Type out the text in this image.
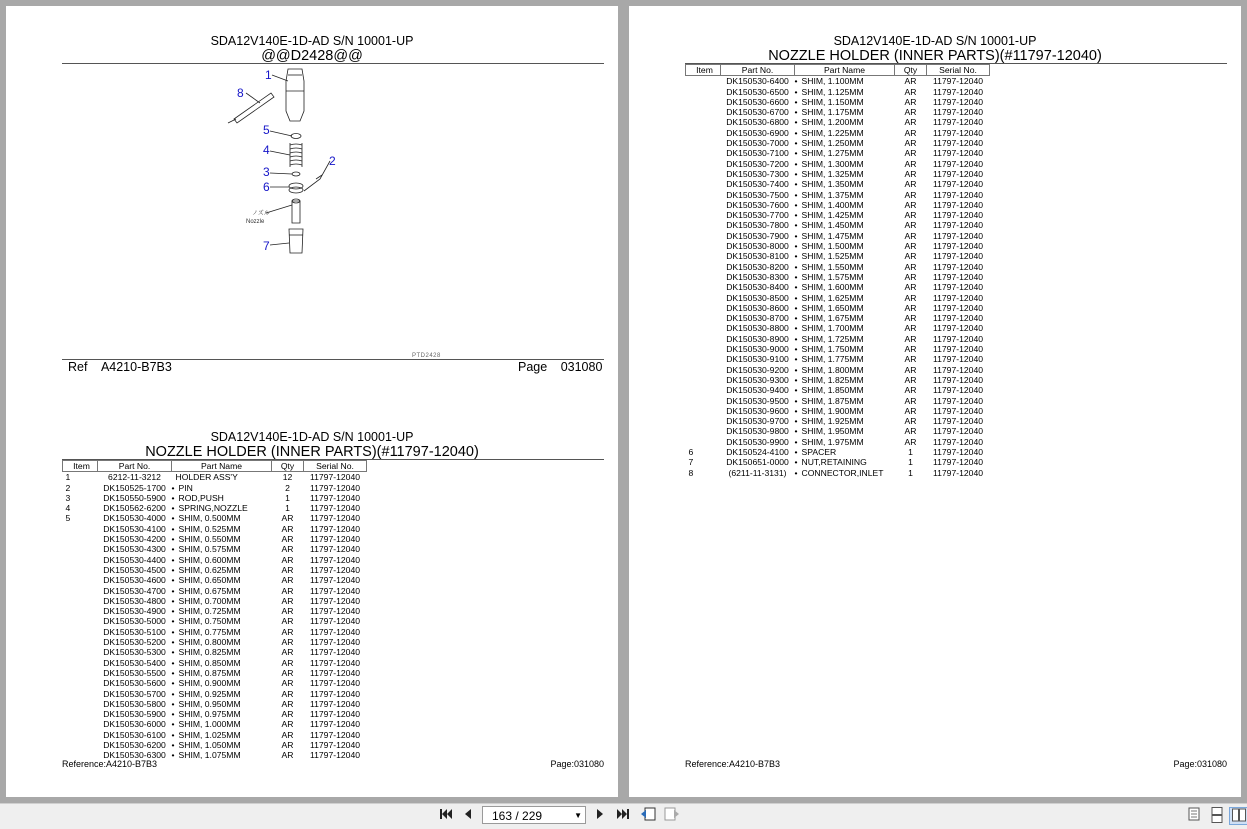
SDA12V140E-1D-AD S/N 10001-UP
@@D2428@@
1
8
5
4
3
6
2
7
ノズル
Nozzle
PTD2428
Ref A4210-B7B3	Page 031080
SDA12V140E-1D-AD S/N 10001-UP
NOZZLE HOLDER (INNER PARTS)(#11797-12040)
Item	Part No.	Part Name	Qty	Serial No.
1	6212-11-3212	HOLDER ASS'Y	12	11797-12040
2	DK150525-1700	• PIN	2	11797-12040
3	DK150550-5900	• ROD,PUSH	1	11797-12040
4	DK150562-6200	• SPRING,NOZZLE	1	11797-12040
5	DK150530-4000	• SHIM, 0.500MM	AR	11797-12040
	DK150530-4100	• SHIM, 0.525MM	AR	11797-12040
	DK150530-4200	• SHIM, 0.550MM	AR	11797-12040
	DK150530-4300	• SHIM, 0.575MM	AR	11797-12040
	DK150530-4400	• SHIM, 0.600MM	AR	11797-12040
	DK150530-4500	• SHIM, 0.625MM	AR	11797-12040
	DK150530-4600	• SHIM, 0.650MM	AR	11797-12040
	DK150530-4700	• SHIM, 0.675MM	AR	11797-12040
	DK150530-4800	• SHIM, 0.700MM	AR	11797-12040
	DK150530-4900	• SHIM, 0.725MM	AR	11797-12040
	DK150530-5000	• SHIM, 0.750MM	AR	11797-12040
	DK150530-5100	• SHIM, 0.775MM	AR	11797-12040
	DK150530-5200	• SHIM, 0.800MM	AR	11797-12040
	DK150530-5300	• SHIM, 0.825MM	AR	11797-12040
	DK150530-5400	• SHIM, 0.850MM	AR	11797-12040
	DK150530-5500	• SHIM, 0.875MM	AR	11797-12040
	DK150530-5600	• SHIM, 0.900MM	AR	11797-12040
	DK150530-5700	• SHIM, 0.925MM	AR	11797-12040
	DK150530-5800	• SHIM, 0.950MM	AR	11797-12040
	DK150530-5900	• SHIM, 0.975MM	AR	11797-12040
	DK150530-6000	• SHIM, 1.000MM	AR	11797-12040
	DK150530-6100	• SHIM, 1.025MM	AR	11797-12040
	DK150530-6200	• SHIM, 1.050MM	AR	11797-12040
	DK150530-6300	• SHIM, 1.075MM	AR	11797-12040
Reference:A4210-B7B3	Page:031080
SDA12V140E-1D-AD S/N 10001-UP
NOZZLE HOLDER (INNER PARTS)(#11797-12040)
Item	Part No.	Part Name	Qty	Serial No.
	DK150530-6400	• SHIM, 1.100MM	AR	11797-12040
	DK150530-6500	• SHIM, 1.125MM	AR	11797-12040
	DK150530-6600	• SHIM, 1.150MM	AR	11797-12040
	DK150530-6700	• SHIM, 1.175MM	AR	11797-12040
	DK150530-6800	• SHIM, 1.200MM	AR	11797-12040
	DK150530-6900	• SHIM, 1.225MM	AR	11797-12040
	DK150530-7000	• SHIM, 1.250MM	AR	11797-12040
	DK150530-7100	• SHIM, 1.275MM	AR	11797-12040
	DK150530-7200	• SHIM, 1.300MM	AR	11797-12040
	DK150530-7300	• SHIM, 1.325MM	AR	11797-12040
	DK150530-7400	• SHIM, 1.350MM	AR	11797-12040
	DK150530-7500	• SHIM, 1.375MM	AR	11797-12040
	DK150530-7600	• SHIM, 1.400MM	AR	11797-12040
	DK150530-7700	• SHIM, 1.425MM	AR	11797-12040
	DK150530-7800	• SHIM, 1.450MM	AR	11797-12040
	DK150530-7900	• SHIM, 1.475MM	AR	11797-12040
	DK150530-8000	• SHIM, 1.500MM	AR	11797-12040
	DK150530-8100	• SHIM, 1.525MM	AR	11797-12040
	DK150530-8200	• SHIM, 1.550MM	AR	11797-12040
	DK150530-8300	• SHIM, 1.575MM	AR	11797-12040
	DK150530-8400	• SHIM, 1.600MM	AR	11797-12040
	DK150530-8500	• SHIM, 1.625MM	AR	11797-12040
	DK150530-8600	• SHIM, 1.650MM	AR	11797-12040
	DK150530-8700	• SHIM, 1.675MM	AR	11797-12040
	DK150530-8800	• SHIM, 1.700MM	AR	11797-12040
	DK150530-8900	• SHIM, 1.725MM	AR	11797-12040
	DK150530-9000	• SHIM, 1.750MM	AR	11797-12040
	DK150530-9100	• SHIM, 1.775MM	AR	11797-12040
	DK150530-9200	• SHIM, 1.800MM	AR	11797-12040
	DK150530-9300	• SHIM, 1.825MM	AR	11797-12040
	DK150530-9400	• SHIM, 1.850MM	AR	11797-12040
	DK150530-9500	• SHIM, 1.875MM	AR	11797-12040
	DK150530-9600	• SHIM, 1.900MM	AR	11797-12040
	DK150530-9700	• SHIM, 1.925MM	AR	11797-12040
	DK150530-9800	• SHIM, 1.950MM	AR	11797-12040
	DK150530-9900	• SHIM, 1.975MM	AR	11797-12040
6	DK150524-4100	• SPACER	1	11797-12040
7	DK150651-0000	• NUT,RETAINING	1	11797-12040
8	(6211-11-3131)	• CONNECTOR,INLET	1	11797-12040
Reference:A4210-B7B3	Page:031080
163 / 229	▼
